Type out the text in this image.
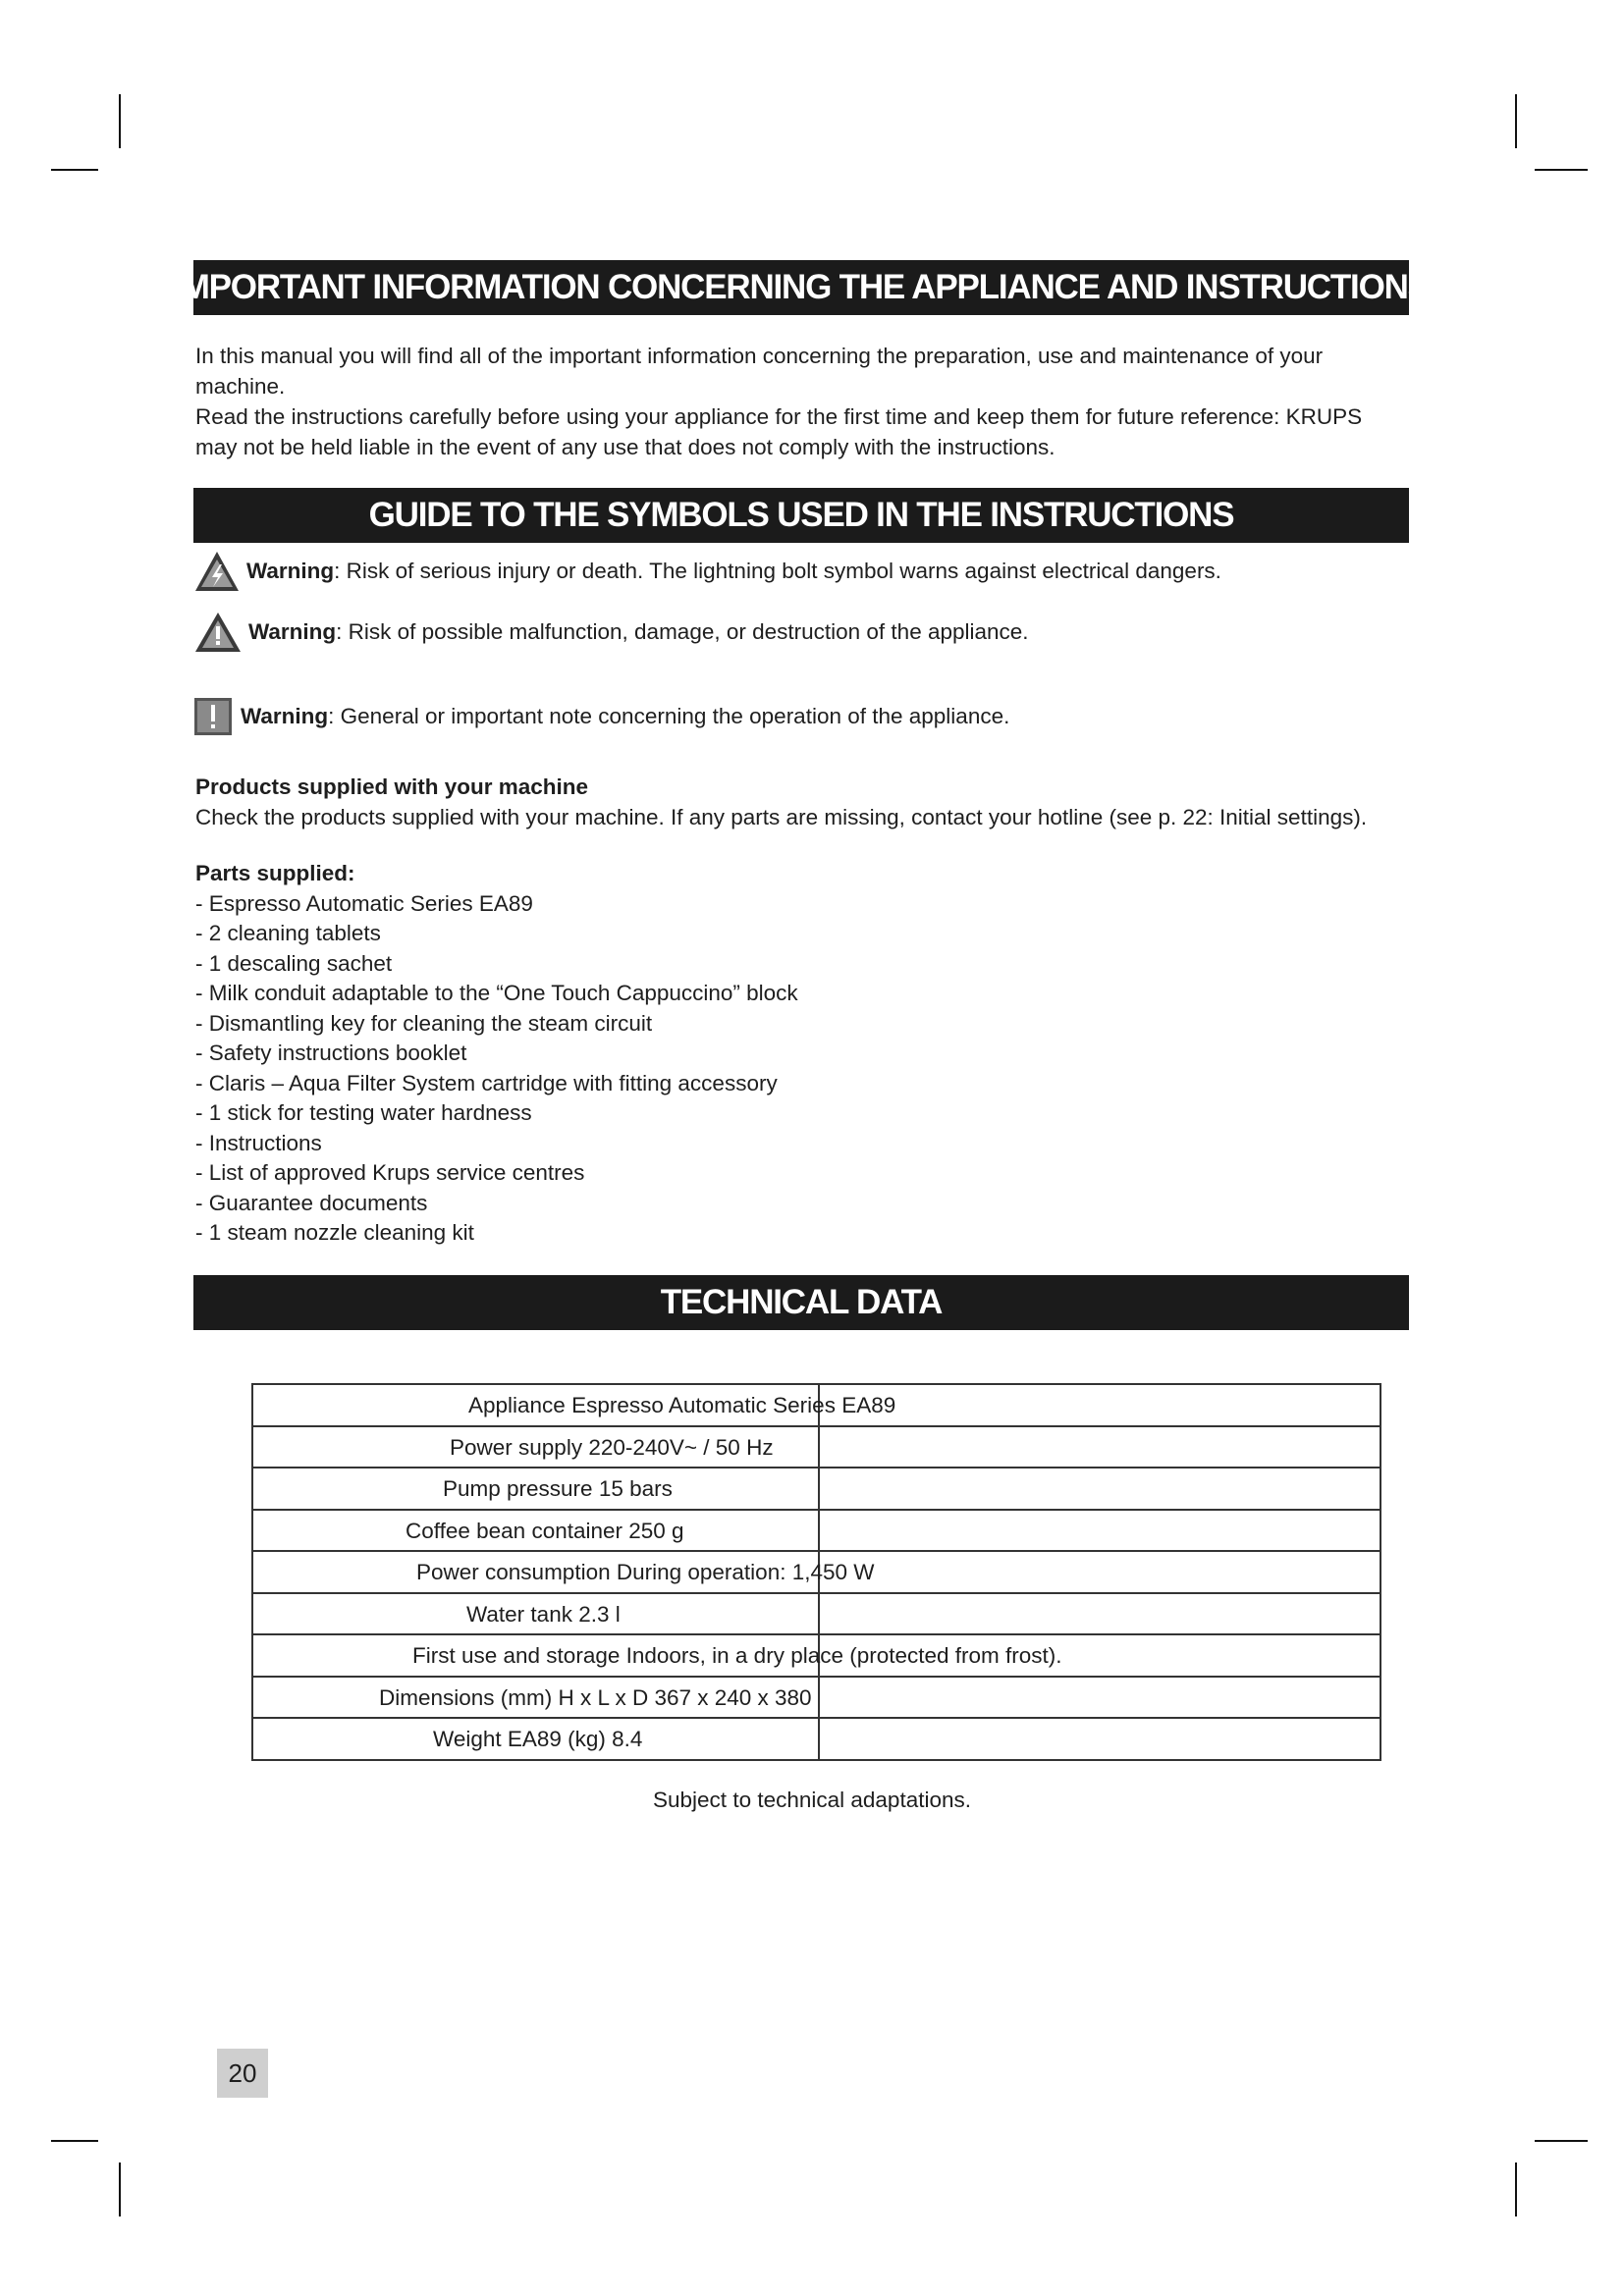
IMPORTANT INFORMATION CONCERNING THE APPLIANCE AND INSTRUCTIONS

In this manual you will find all of the important information concerning the preparation, use and maintenance of your
machine.
Read the instructions carefully before using your appliance for the first time and keep them for future reference: KRUPS
may not be held liable in the event of any use that does not comply with the instructions.

GUIDE TO THE SYMBOLS USED IN THE INSTRUCTIONS
Warning : Risk of serious injury or death. The lightning bolt symbol warns against electrical dangers.
Warning : Risk of possible malfunction, damage, or destruction of the appliance.
Warning : General or important note concerning the operation of the appliance.

Products supplied with your machine
Check the products supplied with your machine. If any parts are missing, contact your hotline (see p. 22: Initial settings).

Parts supplied:
- Espresso Automatic Series EA89
- 2 cleaning tablets
- 1 descaling sachet
- Milk conduit adaptable to the “One Touch Cappuccino” block
- Dismantling key for cleaning the steam circuit
- Safety instructions booklet
- Claris – Aqua Filter System cartridge with fitting accessory
- 1 stick for testing water hardness
- Instructions
- List of approved Krups service centres
- Guarantee documents
- 1 steam nozzle cleaning kit
TECHNICAL DATA
Appliance Espresso Automatic Series EA89	

Power supply 220-240V~ / 50 Hz	

Pump pressure 15 bars	

Coffee bean container 250 g	

Power consumption During operation: 1,450 W	

Water tank 2.3 l	

First use and storage Indoors, in a dry place (protected from frost).	

Dimensions (mm) H x L x D 367 x 240 x 380	

Weight EA89 (kg) 8.4	

Subject to technical adaptations.
20
